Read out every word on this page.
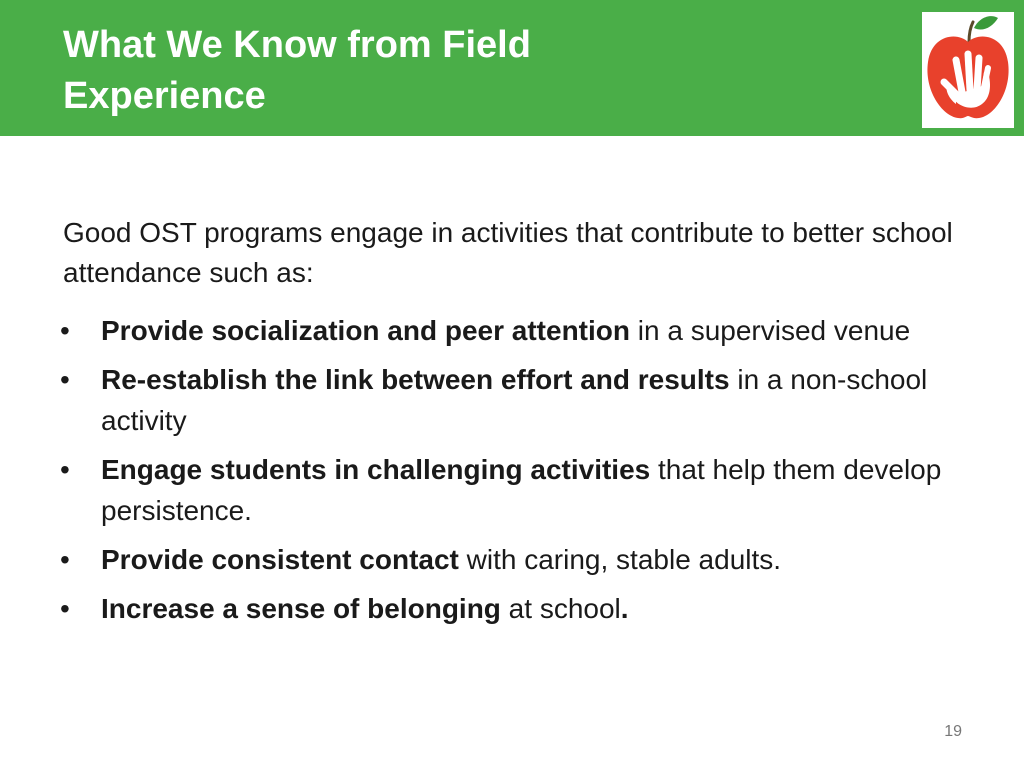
What We Know from Field
Experience

Good OST programs engage in activities that contribute to better school attendance such as:

•	Provide socialization and peer attention in a supervised venue
•	Re-establish the link between effort and results in a non-school activity
•	Engage students in challenging activities that help them develop persistence.
•	Provide consistent contact with caring, stable adults.
•	Increase a sense of belonging at school.
19
